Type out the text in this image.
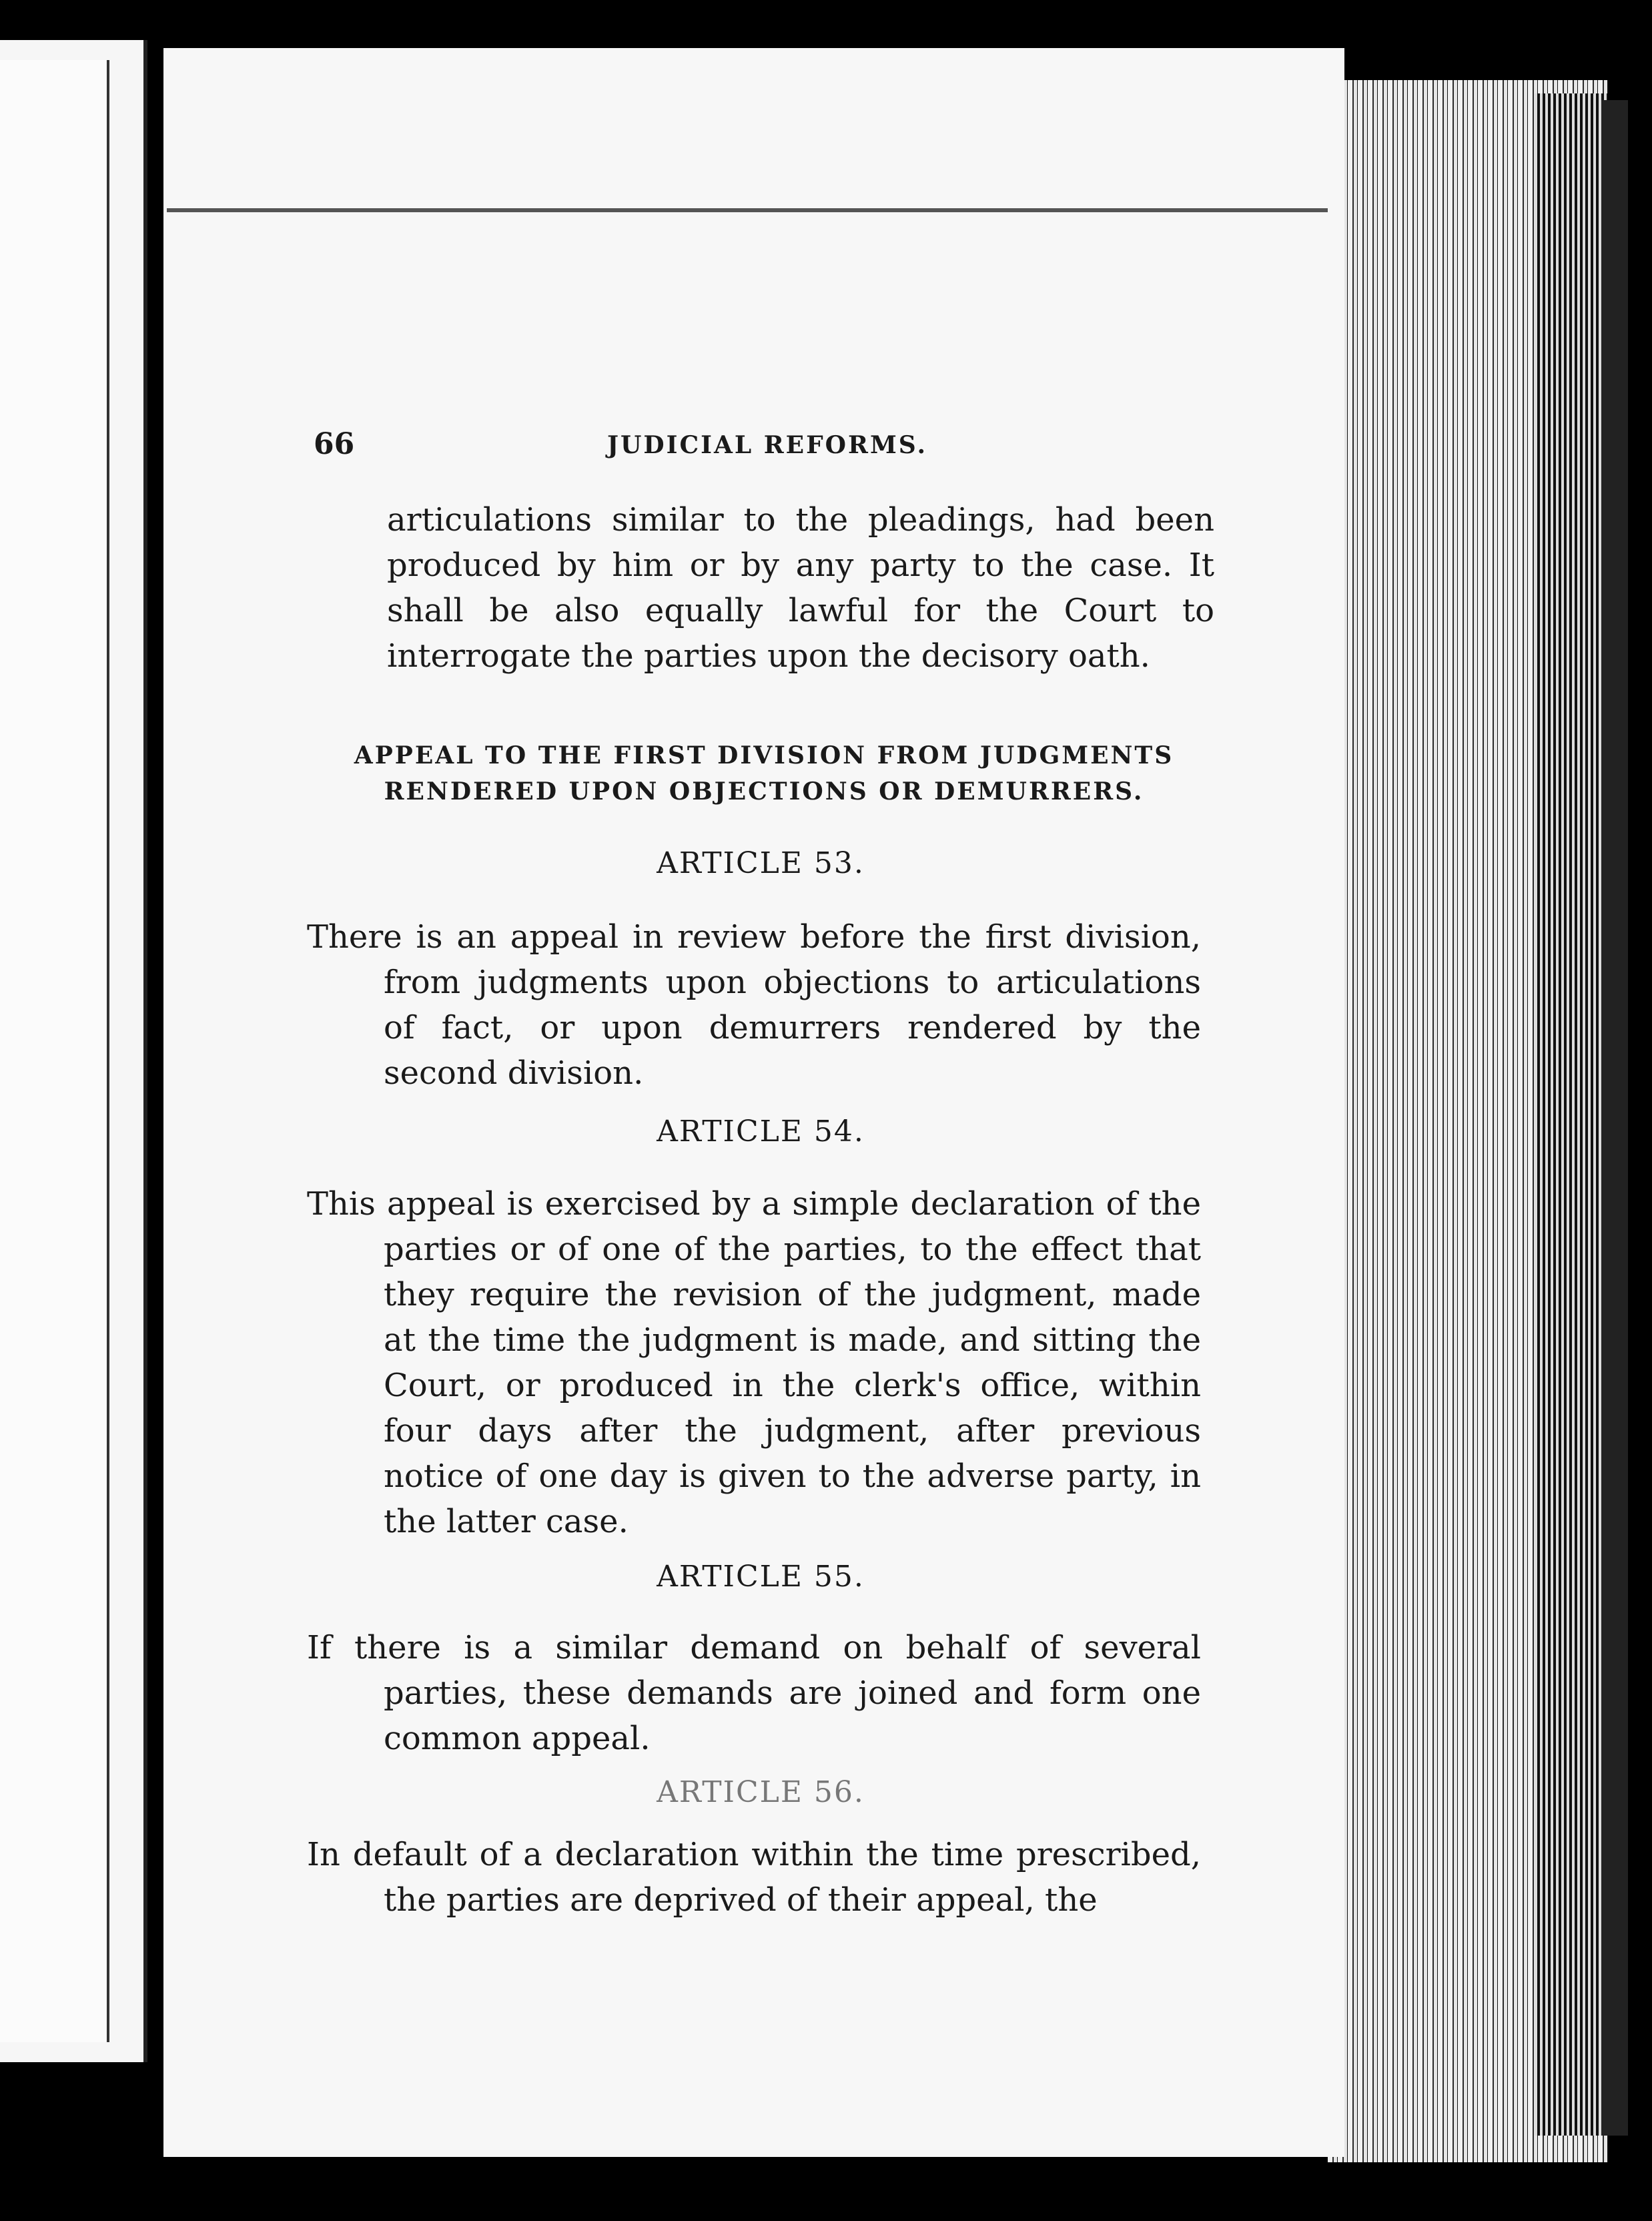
66	JUDICIAL REFORMS.

articulations similar to the pleadings, had been produced by him or by any party to the case. It shall be also equally lawful for the Court to interrogate the parties upon the decisory oath.

APPEAL TO THE FIRST DIVISION FROM JUDGMENTS
RENDERED UPON OBJECTIONS OR DEMURRERS.
ARTICLE 53.
There is an appeal in review before the first division, from judgments upon objections to articulations of fact, or upon demurrers rendered by the second division.
ARTICLE 54.
This appeal is exercised by a simple declaration of the parties or of one of the parties, to the effect that they require the revision of the judgment, made at the time the judgment is made, and sitting the Court, or produced in the clerk's office, within four days after the judgment, after previous notice of one day is given to the adverse party, in the latter case.
ARTICLE 55.
If there is a similar demand on behalf of several parties, these demands are joined and form one common appeal.
ARTICLE 56.
In default of a declaration within the time prescribed, the parties are deprived of their appeal, the
